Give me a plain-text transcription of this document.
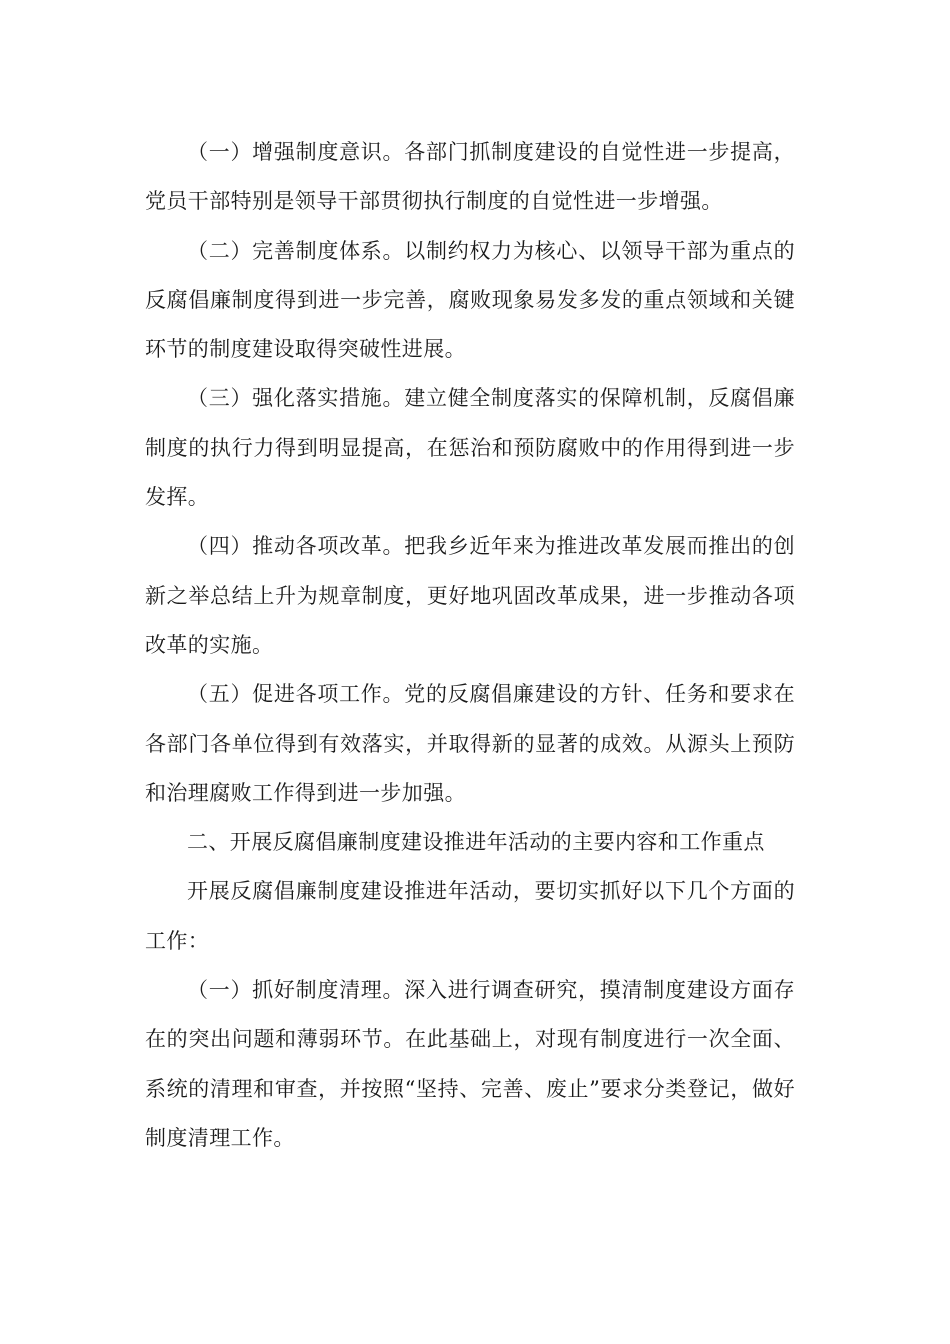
（一）增强制度意识。各部门抓制度建设的自觉性进一步提高，党员干部特别是领导干部贯彻执行制度的自觉性进一步增强。

（二）完善制度体系。以制约权力为核心、以领导干部为重点的反腐倡廉制度得到进一步完善，腐败现象易发多发的重点领域和关键环节的制度建设取得突破性进展。

（三）强化落实措施。建立健全制度落实的保障机制，反腐倡廉制度的执行力得到明显提高，在惩治和预防腐败中的作用得到进一步发挥。

（四）推动各项改革。把我乡近年来为推进改革发展而推出的创新之举总结上升为规章制度，更好地巩固改革成果，进一步推动各项改革的实施。

（五）促进各项工作。党的反腐倡廉建设的方针、任务和要求在各部门各单位得到有效落实，并取得新的显著的成效。从源头上预防和治理腐败工作得到进一步加强。

二、开展反腐倡廉制度建设推进年活动的主要内容和工作重点

开展反腐倡廉制度建设推进年活动，要切实抓好以下几个方面的工作：

（一）抓好制度清理。深入进行调查研究，摸清制度建设方面存在的突出问题和薄弱环节。在此基础上，对现有制度进行一次全面、系统的清理和审查，并按照“坚持、完善、废止”要求分类登记，做好制度清理工作。
